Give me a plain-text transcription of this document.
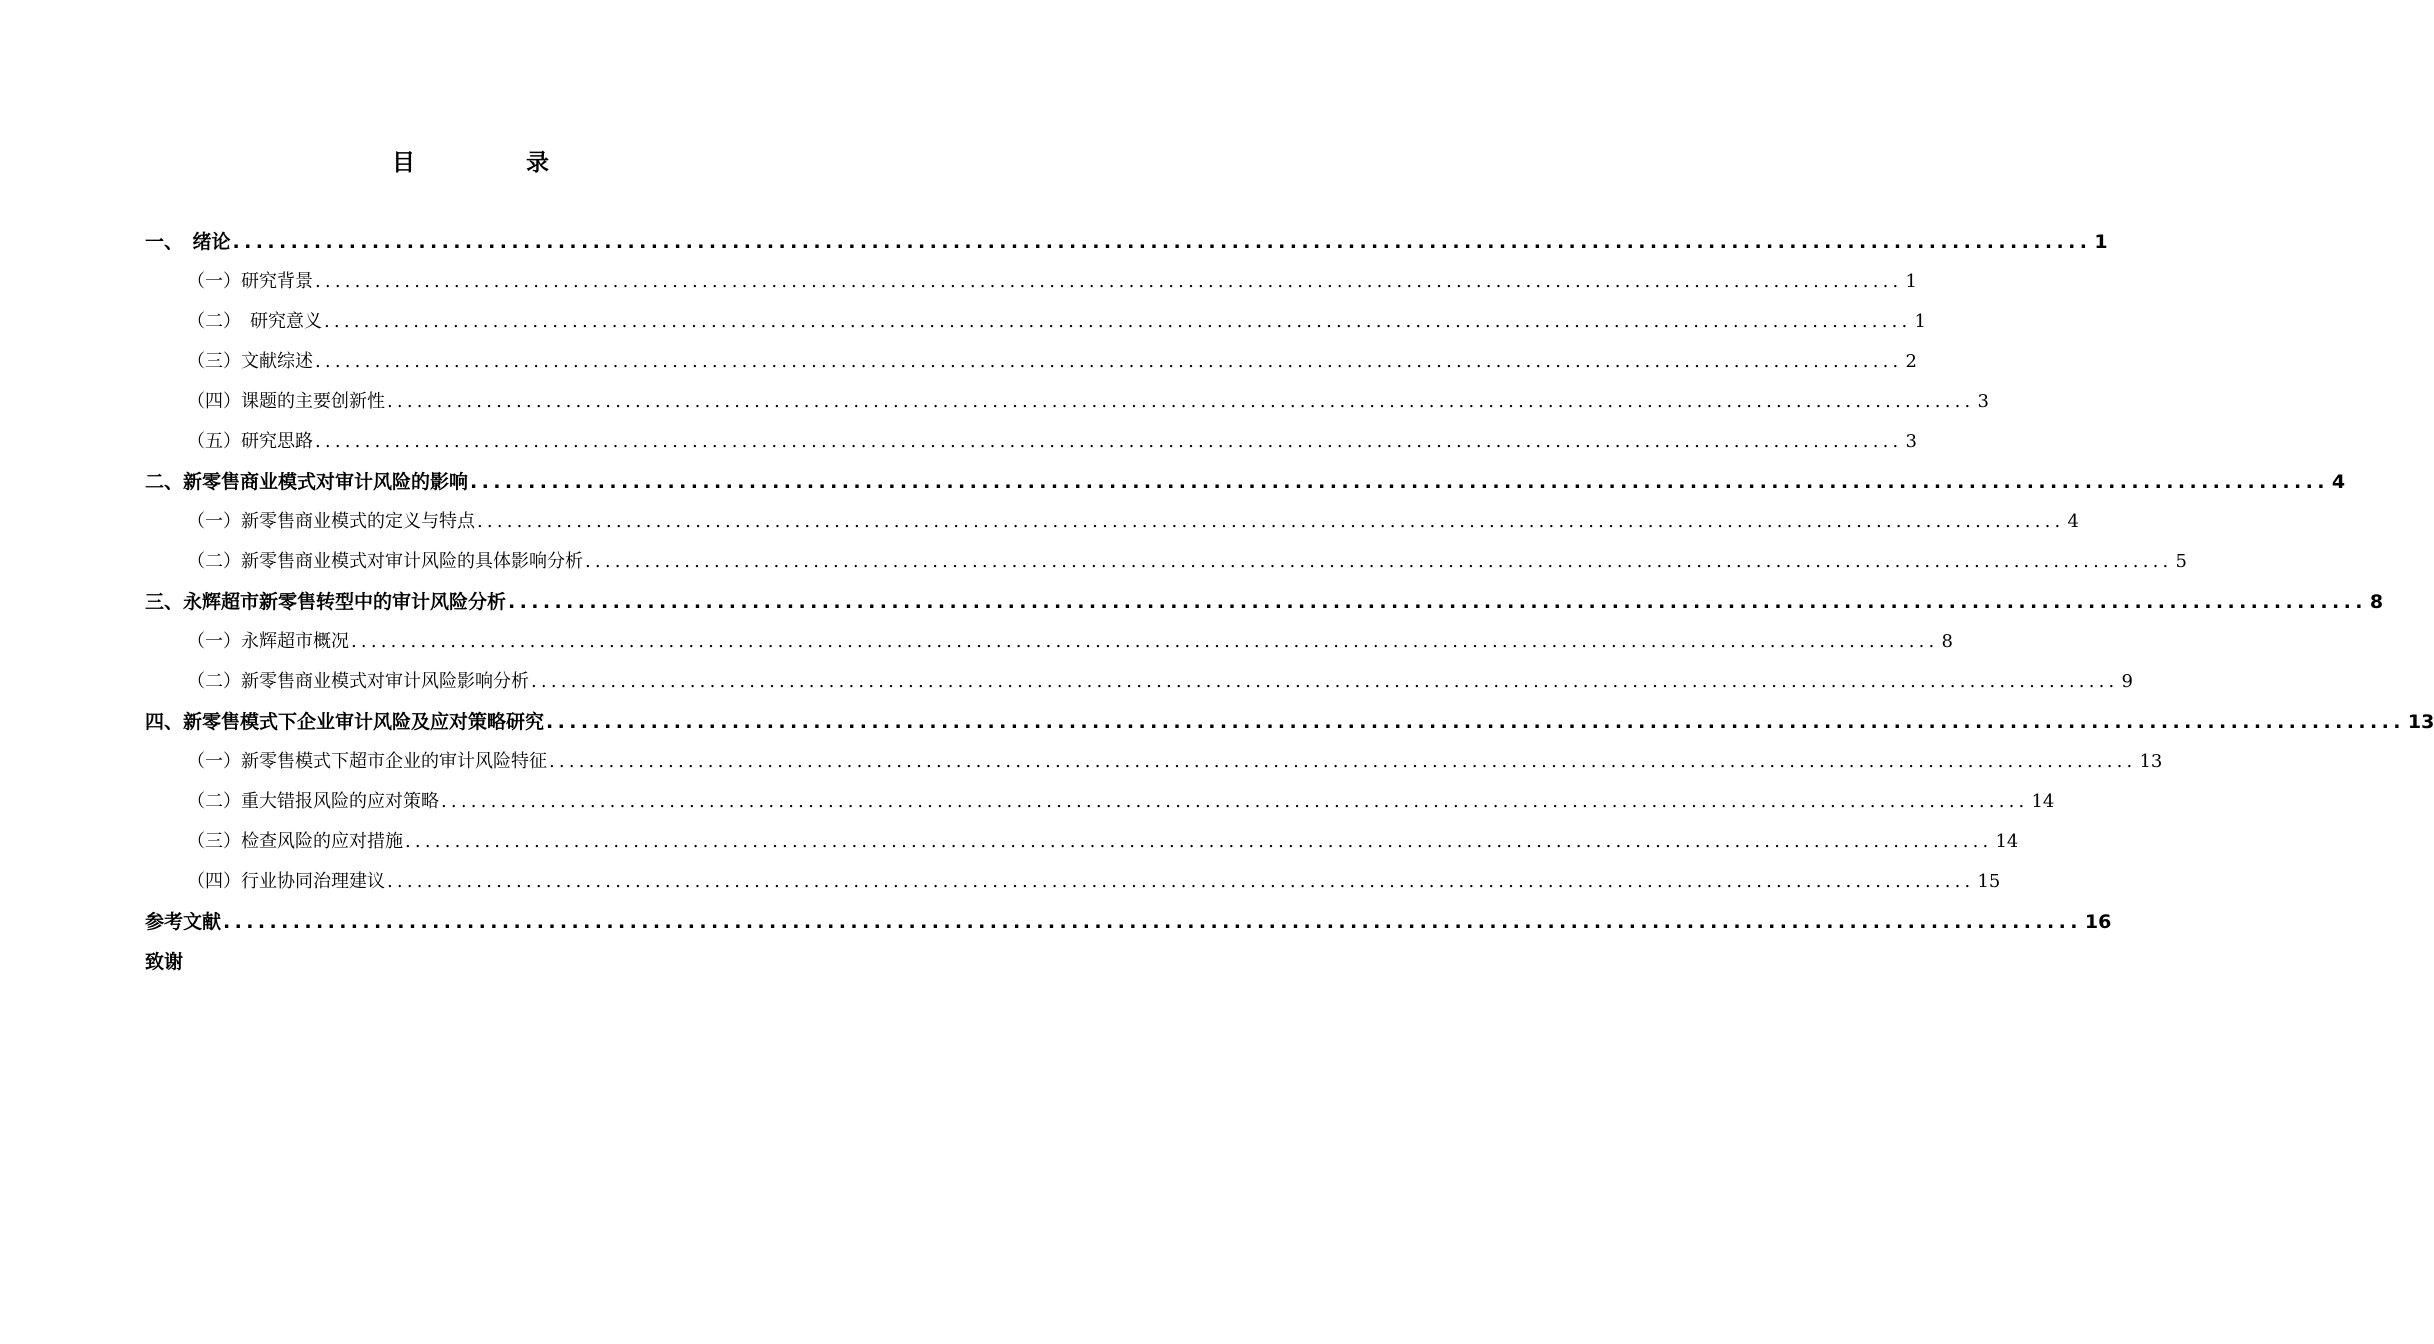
目　录
一、　绪论 ................................................................................................................................................................ 1
（一）研究背景 ................................................................................................................................................................ 1
（二）　研究意义 ................................................................................................................................................................ 1
（三）文献综述 ................................................................................................................................................................ 2
（四）课题的主要创新性 ................................................................................................................................................................ 3
（五）研究思路 ................................................................................................................................................................ 3
二、新零售商业模式对审计风险的影响 ................................................................................................................................................................ 4
（一）新零售商业模式的定义与特点 ................................................................................................................................................................ 4
（二）新零售商业模式对审计风险的具体影响分析 ................................................................................................................................................................ 5
三、永辉超市新零售转型中的审计风险分析 ................................................................................................................................................................ 8
（一）永辉超市概况 ................................................................................................................................................................ 8
（二）新零售商业模式对审计风险影响分析 ................................................................................................................................................................ 9
四、新零售模式下企业审计风险及应对策略研究 ................................................................................................................................................................ 13
（一）新零售模式下超市企业的审计风险特征 ................................................................................................................................................................ 13
（二）重大错报风险的应对策略 ................................................................................................................................................................ 14
（三）检查风险的应对措施 ................................................................................................................................................................ 14
（四）行业协同治理建议 ................................................................................................................................................................ 15
参考文献 ................................................................................................................................................................ 16
致谢
